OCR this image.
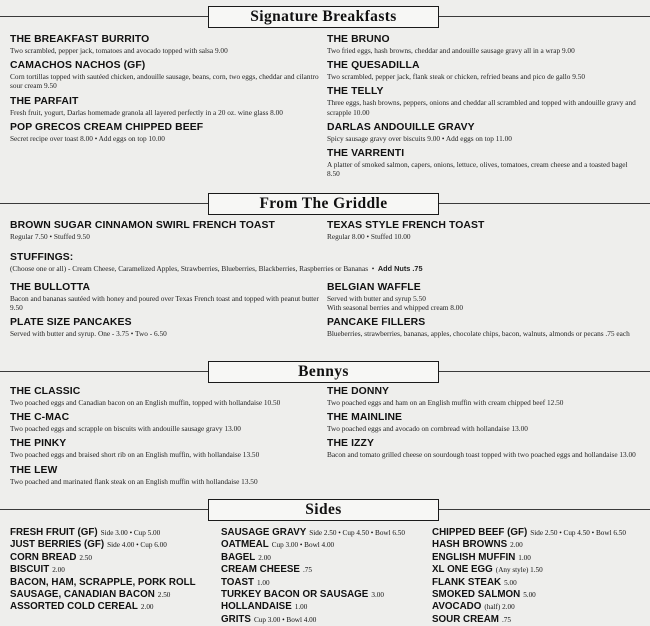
Signature Breakfasts
THE BREAKFAST BURRITO
Two scrambled, pepper jack, tomatoes and avocado topped with salsa 9.00
CAMACHOS NACHOS (GF)
Corn tortillas topped with sautéed chicken, andouille sausage, beans, corn, two eggs, cheddar and cilantro sour cream 9.50
THE PARFAIT
Fresh fruit, yogurt, Darlas homemade granola all layered perfectly in a 20 oz. wine glass 8.00
POP GRECOS CREAM CHIPPED BEEF
Secret recipe over toast 8.00 • Add eggs on top 10.00
THE BRUNO
Two fried eggs, hash browns, cheddar and andouille sausage gravy all in a wrap 9.00
THE QUESADILLA
Two scrambled, pepper jack, flank steak or chicken, refried beans and pico de gallo 9.50
THE TELLY
Three eggs, hash browns, peppers, onions and cheddar all scrambled and topped with andouille gravy and scrapple 10.00
DARLAS ANDOUILLE GRAVY
Spicy sausage gravy over biscuits 9.00 • Add eggs on top 11.00
THE VARRENTI
A platter of smoked salmon, capers, onions, lettuce, olives, tomatoes, cream cheese and a toasted bagel 8.50
From The Griddle
BROWN SUGAR CINNAMON SWIRL FRENCH TOAST
Regular 7.50 • Stuffed 9.50
TEXAS STYLE FRENCH TOAST
Regular 8.00 • Stuffed 10.00
STUFFINGS:
(Choose one or all) - Cream Cheese, Caramelized Apples, Strawberries, Blueberries, Blackberries, Raspberries or Bananas  •  Add Nuts .75
THE BULLOTTA
Bacon and bananas sautéed with honey and poured over Texas French toast and topped with peanut butter 9.50
PLATE SIZE PANCAKES
Served with butter and syrup. One - 3.75 • Two - 6.50
BELGIAN WAFFLE
Served with butter and syrup 5.50
With seasonal berries and whipped cream 8.00
PANCAKE FILLERS
Blueberries, strawberries, bananas, apples, chocolate chips, bacon, walnuts, almonds or pecans .75 each
Bennys
THE CLASSIC
Two poached eggs and Canadian bacon on an English muffin, topped with hollandaise 10.50
THE C-MAC
Two poached eggs and scrapple on biscuits with andouille sausage gravy 13.00
THE PINKY
Two poached eggs and braised short rib on an English muffin, with hollandaise 13.50
THE LEW
Two poached and marinated flank steak on an English muffin with hollandaise 13.50
THE DONNY
Two poached eggs and ham on an English muffin with cream chipped beef 12.50
THE MAINLINE
Two poached eggs and avocado on cornbread with hollandaise 13.00
THE IZZY
Bacon and tomato grilled cheese on sourdough toast topped with two poached eggs and hollandaise 13.00
Sides
FRESH FRUIT (GF) Side 3.00 • Cup 5.00
JUST BERRIES (GF) Side 4.00 • Cup 6.00
CORN BREAD 2.50
BISCUIT 2.00
BACON, HAM, SCRAPPLE, PORK ROLL
SAUSAGE, CANADIAN BACON 2.50
ASSORTED COLD CEREAL 2.00
SAUSAGE GRAVY Side 2.50 • Cup 4.50 • Bowl 6.50
OATMEAL Cup 3.00 • Bowl 4.00
BAGEL 2.00
CREAM CHEESE .75
TOAST 1.00
TURKEY BACON OR SAUSAGE 3.00
HOLLANDAISE 1.00
GRITS Cup 3.00 • Bowl 4.00
CHIPPED BEEF (GF) Side 2.50 • Cup 4.50 • Bowl 6.50
HASH BROWNS 2.00
ENGLISH MUFFIN 1.00
XL ONE EGG (Any style) 1.50
FLANK STEAK 5.00
SMOKED SALMON 5.00
AVOCADO (half) 2.00
SOUR CREAM .75
